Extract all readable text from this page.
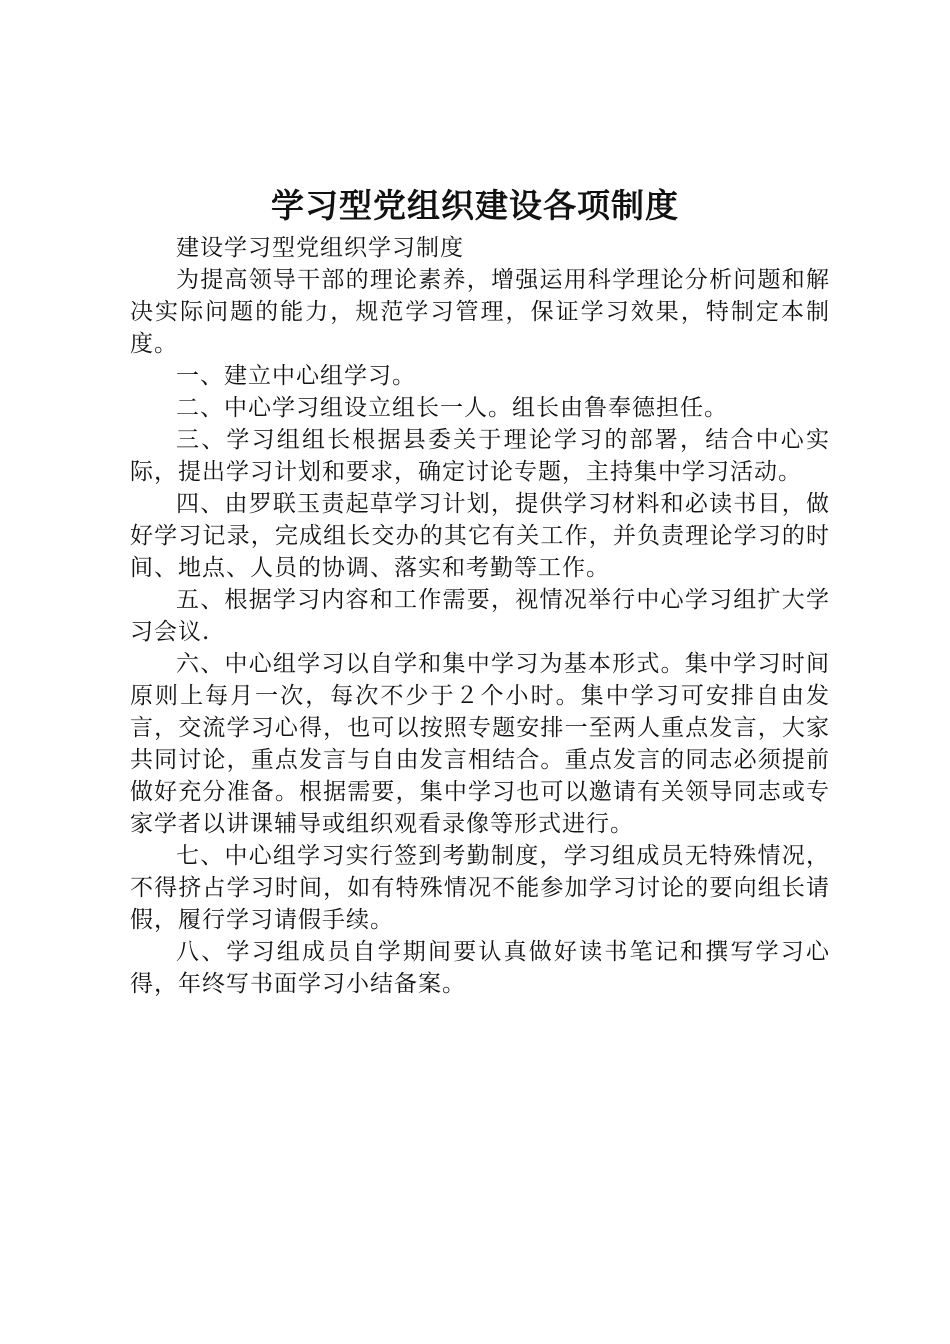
学习型党组织建设各项制度

建设学习型党组织学习制度

为提高领导干部的理论素养，增强运用科学理论分析问题和解决实际问题的能力，规范学习管理，保证学习效果，特制定本制度。

一、建立中心组学习。

二、中心学习组设立组长一人。组长由鲁奉德担任。

三、学习组组长根据县委关于理论学习的部署，结合中心实际，提出学习计划和要求，确定讨论专题，主持集中学习活动。

四、由罗联玉责起草学习计划，提供学习材料和必读书目，做好学习记录，完成组长交办的其它有关工作，并负责理论学习的时间、地点、人员的协调、落实和考勤等工作。

五、根据学习内容和工作需要，视情况举行中心学习组扩大学习会议.

六、中心组学习以自学和集中学习为基本形式。集中学习时间原则上每月一次，每次不少于２个小时。集中学习可安排自由发言，交流学习心得，也可以按照专题安排一至两人重点发言，大家共同讨论，重点发言与自由发言相结合。重点发言的同志必须提前做好充分准备。根据需要，集中学习也可以邀请有关领导同志或专家学者以讲课辅导或组织观看录像等形式进行。

七、中心组学习实行签到考勤制度，学习组成员无特殊情况，不得挤占学习时间，如有特殊情况不能参加学习讨论的要向组长请假，履行学习请假手续。

八、学习组成员自学期间要认真做好读书笔记和撰写学习心得，年终写书面学习小结备案。
